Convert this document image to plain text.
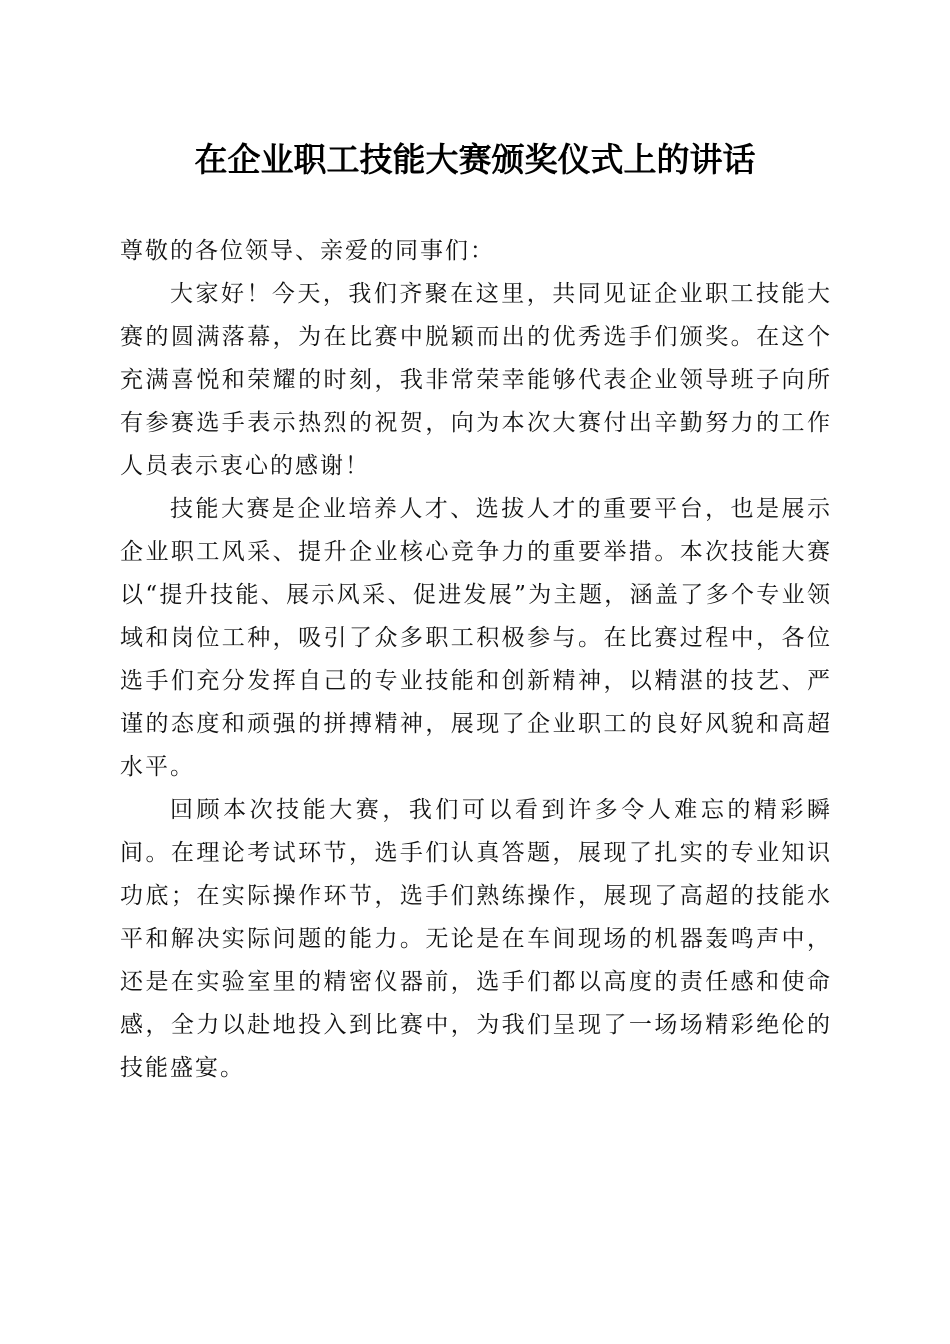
在企业职工技能大赛颁奖仪式上的讲话

尊敬的各位领导、亲爱的同事们：

大家好！今天，我们齐聚在这里，共同见证企业职工技能大赛的圆满落幕，为在比赛中脱颖而出的优秀选手们颁奖。在这个充满喜悦和荣耀的时刻，我非常荣幸能够代表企业领导班子向所有参赛选手表示热烈的祝贺，向为本次大赛付出辛勤努力的工作人员表示衷心的感谢！

技能大赛是企业培养人才、选拔人才的重要平台，也是展示企业职工风采、提升企业核心竞争力的重要举措。本次技能大赛以“提升技能、展示风采、促进发展”为主题，涵盖了多个专业领域和岗位工种，吸引了众多职工积极参与。在比赛过程中，各位选手们充分发挥自己的专业技能和创新精神，以精湛的技艺、严谨的态度和顽强的拼搏精神，展现了企业职工的良好风貌和高超水平。

回顾本次技能大赛，我们可以看到许多令人难忘的精彩瞬间。在理论考试环节，选手们认真答题，展现了扎实的专业知识功底；在实际操作环节，选手们熟练操作，展现了高超的技能水平和解决实际问题的能力。无论是在车间现场的机器轰鸣声中，还是在实验室里的精密仪器前，选手们都以高度的责任感和使命感，全力以赴地投入到比赛中，为我们呈现了一场场精彩绝伦的技能盛宴。
